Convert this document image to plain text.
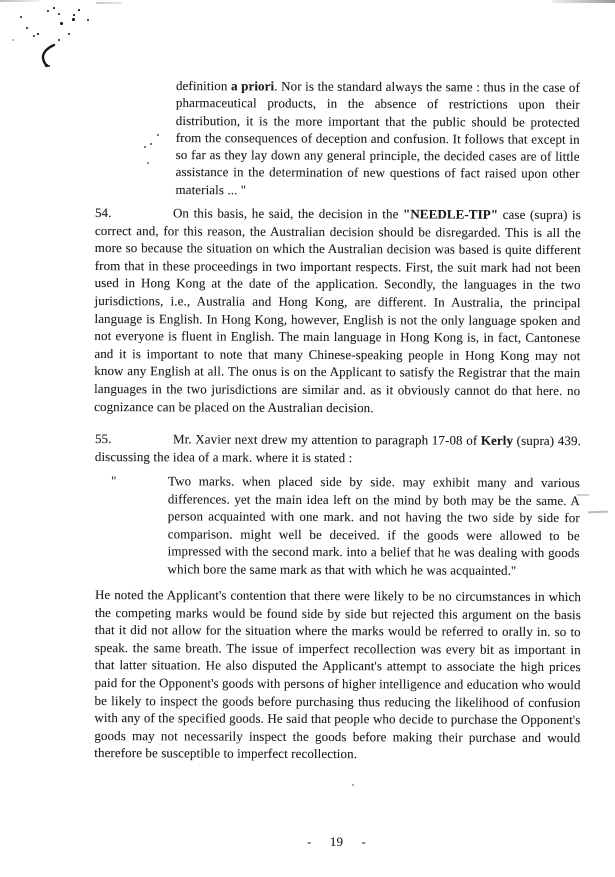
definition a priori. Nor is the standard always the same : thus in the case of pharmaceutical products, in the absence of restrictions upon their distribution, it is the more important that the public should be protected from the consequences of deception and confusion. It follows that except in so far as they lay down any general principle, the decided cases are of little assistance in the determination of new questions of fact raised upon other materials ... "
54.	On this basis, he said, the decision in the "NEEDLE-TIP" case (supra) is correct and, for this reason, the Australian decision should be disregarded. This is all the more so because the situation on which the Australian decision was based is quite different from that in these proceedings in two important respects. First, the suit mark had not been used in Hong Kong at the date of the application. Secondly, the languages in the two jurisdictions, i.e., Australia and Hong Kong, are different. In Australia, the principal language is English. In Hong Kong, however, English is not the only language spoken and not everyone is fluent in English. The main language in Hong Kong is, in fact, Cantonese and it is important to note that many Chinese-speaking people in Hong Kong may not know any English at all. The onus is on the Applicant to satisfy the Registrar that the main languages in the two jurisdictions are similar and. as it obviously cannot do that here. no cognizance can be placed on the Australian decision.
55.	Mr. Xavier next drew my attention to paragraph 17-08 of Kerly (supra) 439. discussing the idea of a mark. where it is stated :
"	Two marks. when placed side by side. may exhibit many and various differences. yet the main idea left on the mind by both may be the same. A person acquainted with one mark. and not having the two side by side for comparison. might well be deceived. if the goods were allowed to be impressed with the second mark. into a belief that he was dealing with goods which bore the same mark as that with which he was acquainted."
He noted the Applicant's contention that there were likely to be no circumstances in which the competing marks would be found side by side but rejected this argument on the basis that it did not allow for the situation where the marks would be referred to orally in. so to speak. the same breath. The issue of imperfect recollection was every bit as important in that latter situation. He also disputed the Applicant's attempt to associate the high prices paid for the Opponent's goods with persons of higher intelligence and education who would be likely to inspect the goods before purchasing thus reducing the likelihood of confusion with any of the specified goods. He said that people who decide to purchase the Opponent's goods may not necessarily inspect the goods before making their purchase and would therefore be susceptible to imperfect recollection.
- 19 -
